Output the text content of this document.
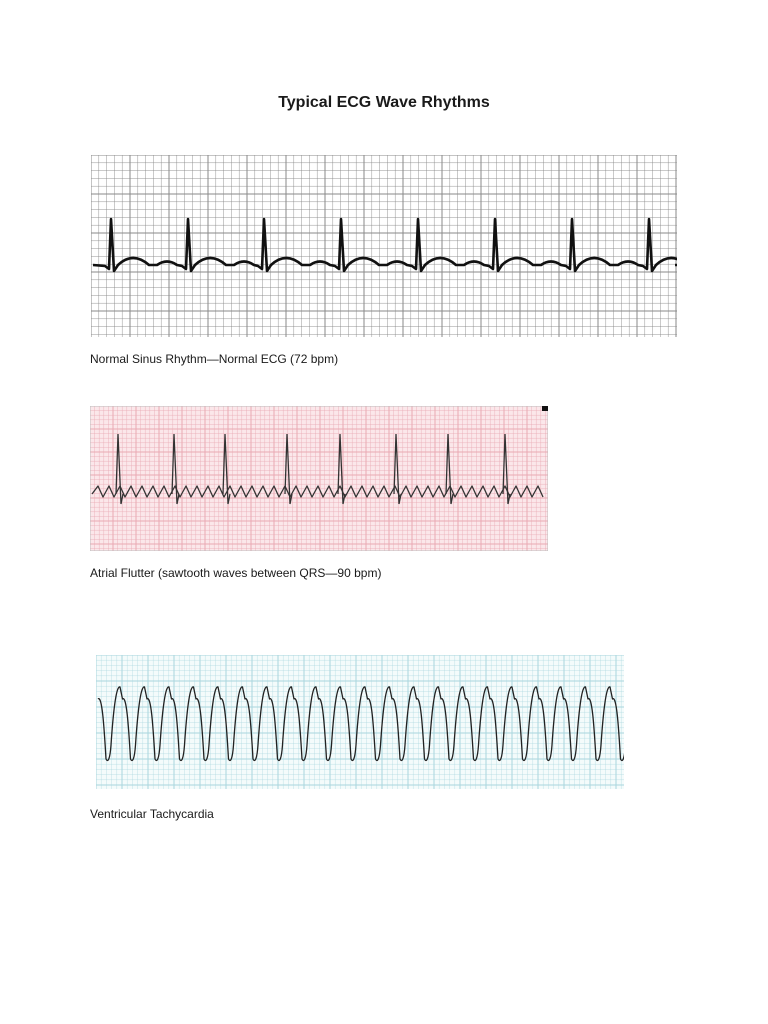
Typical ECG Wave Rhythms
Normal Sinus Rhythm—Normal ECG (72 bpm)
Atrial Flutter (sawtooth waves between QRS—90 bpm)
Ventricular Tachycardia
